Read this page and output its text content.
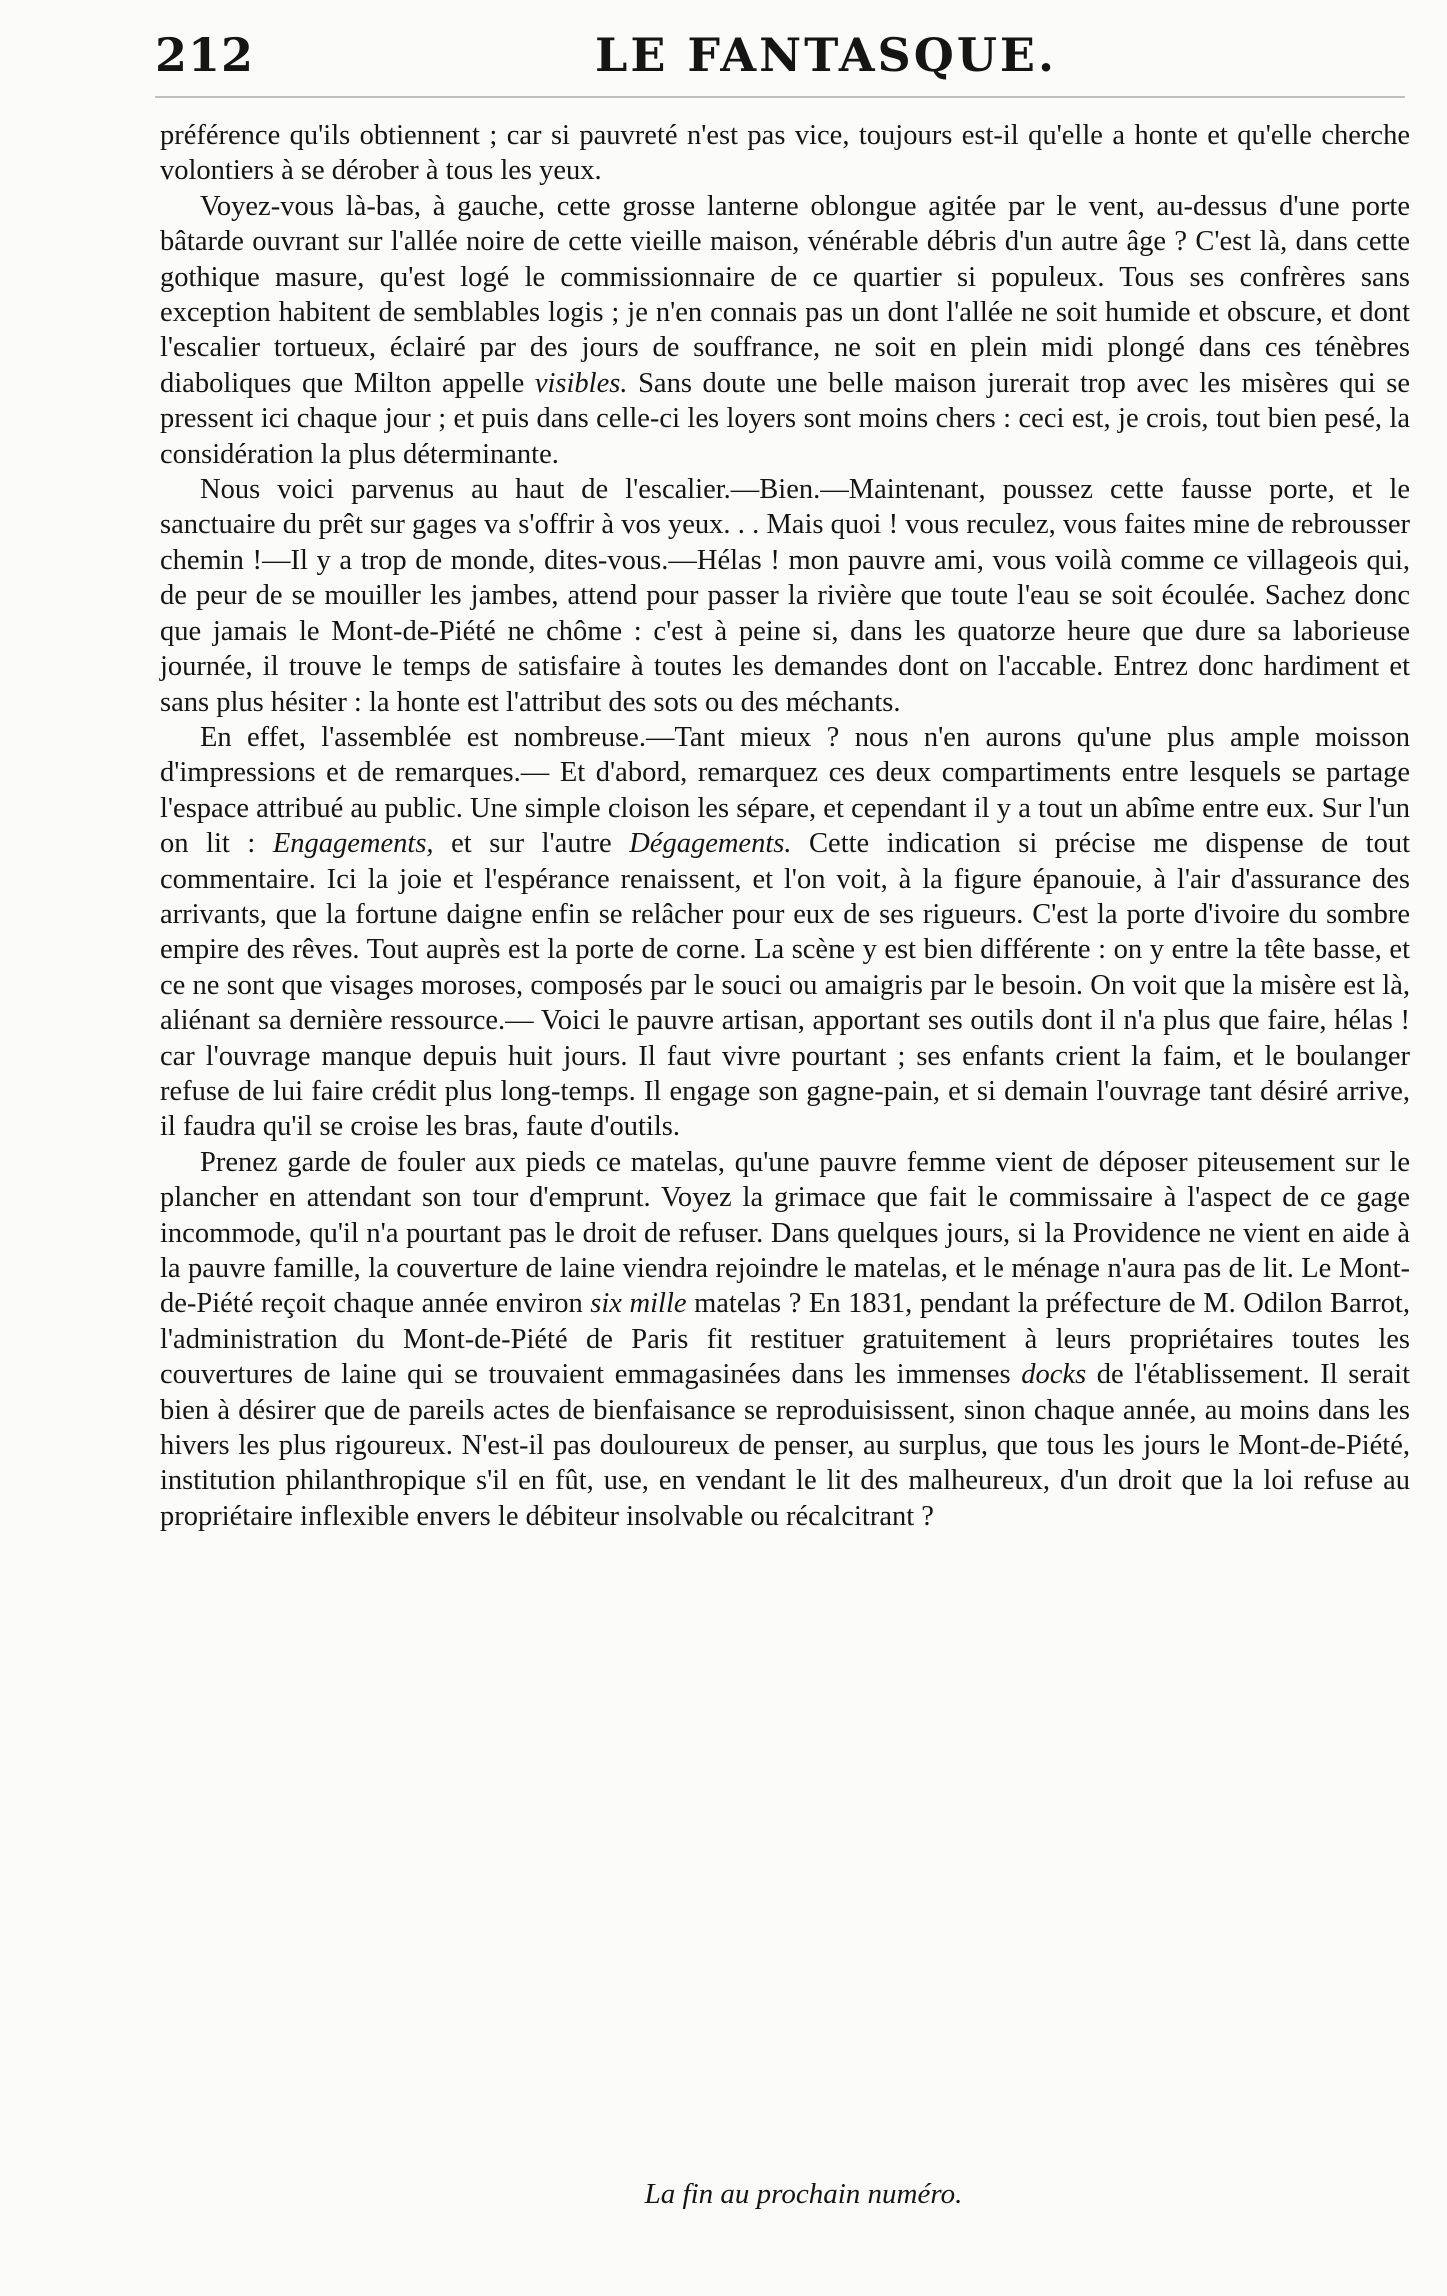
212	LE FANTASQUE.

préférence qu'ils obtiennent ; car si pauvreté n'est pas vice, toujours est-il qu'elle a honte et qu'elle cherche volontiers à se dérober à tous les yeux.

Voyez-vous là-bas, à gauche, cette grosse lanterne oblongue agitée par le vent, au-dessus d'une porte bâtarde ouvrant sur l'allée noire de cette vieille maison, vénérable débris d'un autre âge ? C'est là, dans cette gothique masure, qu'est logé le commissionnaire de ce quartier si populeux. Tous ses confrères sans exception habitent de semblables logis ; je n'en connais pas un dont l'allée ne soit humide et obscure, et dont l'escalier tortueux, éclairé par des jours de souffrance, ne soit en plein midi plongé dans ces ténèbres diaboliques que Milton appelle visibles. Sans doute une belle maison jurerait trop avec les misères qui se pressent ici chaque jour ; et puis dans celle-ci les loyers sont moins chers : ceci est, je crois, tout bien pesé, la considération la plus déterminante.

Nous voici parvenus au haut de l'escalier.—Bien.—Maintenant, poussez cette fausse porte, et le sanctuaire du prêt sur gages va s'offrir à vos yeux. . . Mais quoi ! vous reculez, vous faites mine de rebrousser chemin !—Il y a trop de monde, dites-vous.—Hélas ! mon pauvre ami, vous voilà comme ce villageois qui, de peur de se mouiller les jambes, attend pour passer la rivière que toute l'eau se soit écoulée. Sachez donc que jamais le Mont-de-Piété ne chôme : c'est à peine si, dans les quatorze heure que dure sa laborieuse journée, il trouve le temps de satisfaire à toutes les demandes dont on l'accable. Entrez donc hardiment et sans plus hésiter : la honte est l'attribut des sots ou des méchants.

En effet, l'assemblée est nombreuse.—Tant mieux ? nous n'en aurons qu'une plus ample moisson d'impressions et de remarques.— Et d'abord, remarquez ces deux compartiments entre lesquels se partage l'espace attribué au public. Une simple cloison les sépare, et cependant il y a tout un abîme entre eux. Sur l'un on lit : Engagements, et sur l'autre Dégagements. Cette indication si précise me dispense de tout commentaire. Ici la joie et l'espérance renaissent, et l'on voit, à la figure épanouie, à l'air d'assurance des arrivants, que la fortune daigne enfin se relâcher pour eux de ses rigueurs. C'est la porte d'ivoire du sombre empire des rêves. Tout auprès est la porte de corne. La scène y est bien différente : on y entre la tête basse, et ce ne sont que visages moroses, composés par le souci ou amaigris par le besoin. On voit que la misère est là, aliénant sa dernière ressource.— Voici le pauvre artisan, apportant ses outils dont il n'a plus que faire, hélas ! car l'ouvrage manque depuis huit jours. Il faut vivre pourtant ; ses enfants crient la faim, et le boulanger refuse de lui faire crédit plus long-temps. Il engage son gagne-pain, et si demain l'ouvrage tant désiré arrive, il faudra qu'il se croise les bras, faute d'outils.

Prenez garde de fouler aux pieds ce matelas, qu'une pauvre femme vient de déposer piteusement sur le plancher en attendant son tour d'emprunt. Voyez la grimace que fait le commissaire à l'aspect de ce gage incommode, qu'il n'a pourtant pas le droit de refuser. Dans quelques jours, si la Providence ne vient en aide à la pauvre famille, la couverture de laine viendra rejoindre le matelas, et le ménage n'aura pas de lit. Le Mont-de-Piété reçoit chaque année environ six mille matelas ? En 1831, pendant la préfecture de M. Odilon Barrot, l'administration du Mont-de-Piété de Paris fit restituer gratuitement à leurs propriétaires toutes les couvertures de laine qui se trouvaient emmagasinées dans les immenses docks de l'établissement. Il serait bien à désirer que de pareils actes de bienfaisance se reproduisissent, sinon chaque année, au moins dans les hivers les plus rigoureux. N'est-il pas douloureux de penser, au surplus, que tous les jours le Mont-de-Piété, institution philanthropique s'il en fût, use, en vendant le lit des malheureux, d'un droit que la loi refuse au propriétaire inflexible envers le débiteur insolvable ou récalcitrant ?

La fin au prochain numéro.
